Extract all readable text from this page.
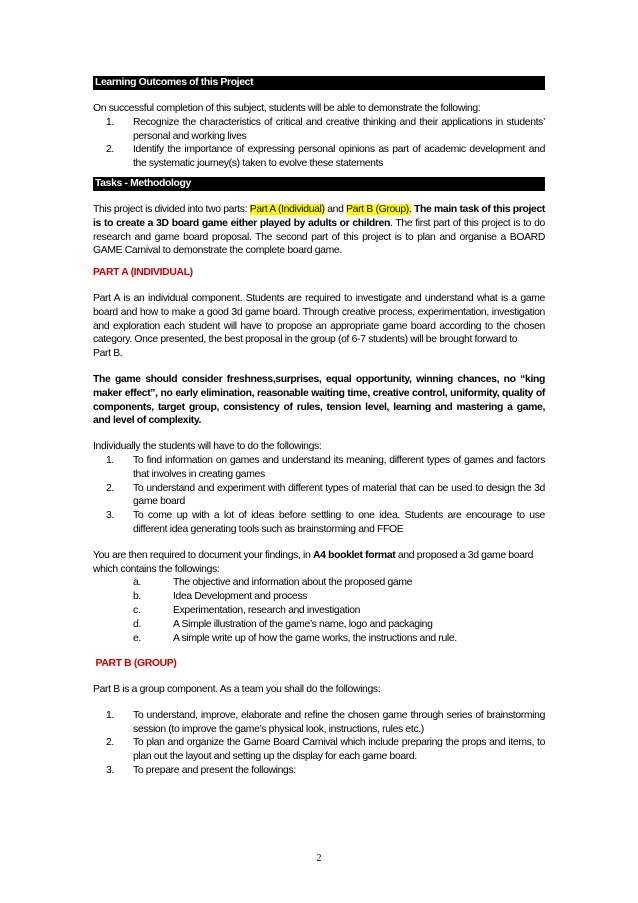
Learning Outcomes of this Project

On successful completion of this subject, students will be able to demonstrate the following:

1. Recognize the characteristics of critical and creative thinking and their applications in students’ personal and working lives
2. Identify the importance of expressing personal opinions as part of academic development and the systematic journey(s) taken to evolve these statements
Tasks - Methodology

This project is divided into two parts: Part A (Individual) and Part B (Group). The main task of this project is to create a 3D board game either played by adults or children. The first part of this project is to do research and game board proposal. The second part of this project is to plan and organise a BOARD GAME Carnival to demonstrate the complete board game.

PART A (INDIVIDUAL)

Part A is an individual component. Students are required to investigate and understand what is a game board and how to make a good 3d game board. Through creative process, experimentation, investigation and exploration each student will have to propose an appropriate game board according to the chosen category. Once presented, the best proposal in the group (of 6-7 students) will be brought forward to
Part B.

The game should consider freshness,surprises, equal opportunity, winning chances, no “king maker effect”, no early elimination, reasonable waiting time, creative control, uniformity, quality of components, target group, consistency of rules, tension level, learning and mastering a game, and level of complexity.

Individually the students will have to do the followings:

1. To find information on games and understand its meaning, different types of games and factors that involves in creating games
2. To understand and experiment with different types of material that can be used to design the 3d game board
3. To come up with a lot of ideas before settling to one idea. Students are encourage to use different idea generating tools such as brainstorming and FFOE

You are then required to document your findings, in A4 booklet format and proposed a 3d game board which contains the followings:

a.	The objective and information about the proposed game
b.	Idea Development and process
c.	Experimentation, research and investigation
d.	A Simple illustration of the game’s name, logo and packaging
e.	A simple write up of how the game works, the instructions and rule.

PART B (GROUP)

Part B is a group component. As a team you shall do the followings:

1. To understand, improve, elaborate and refine the chosen game through series of brainstorming session (to improve the game’s physical look, instructions, rules etc.)
2. To plan and organize the Game Board Carnival which include preparing the props and items, to plan out the layout and setting up the display for each game board.
3. To prepare and present the followings:
2
